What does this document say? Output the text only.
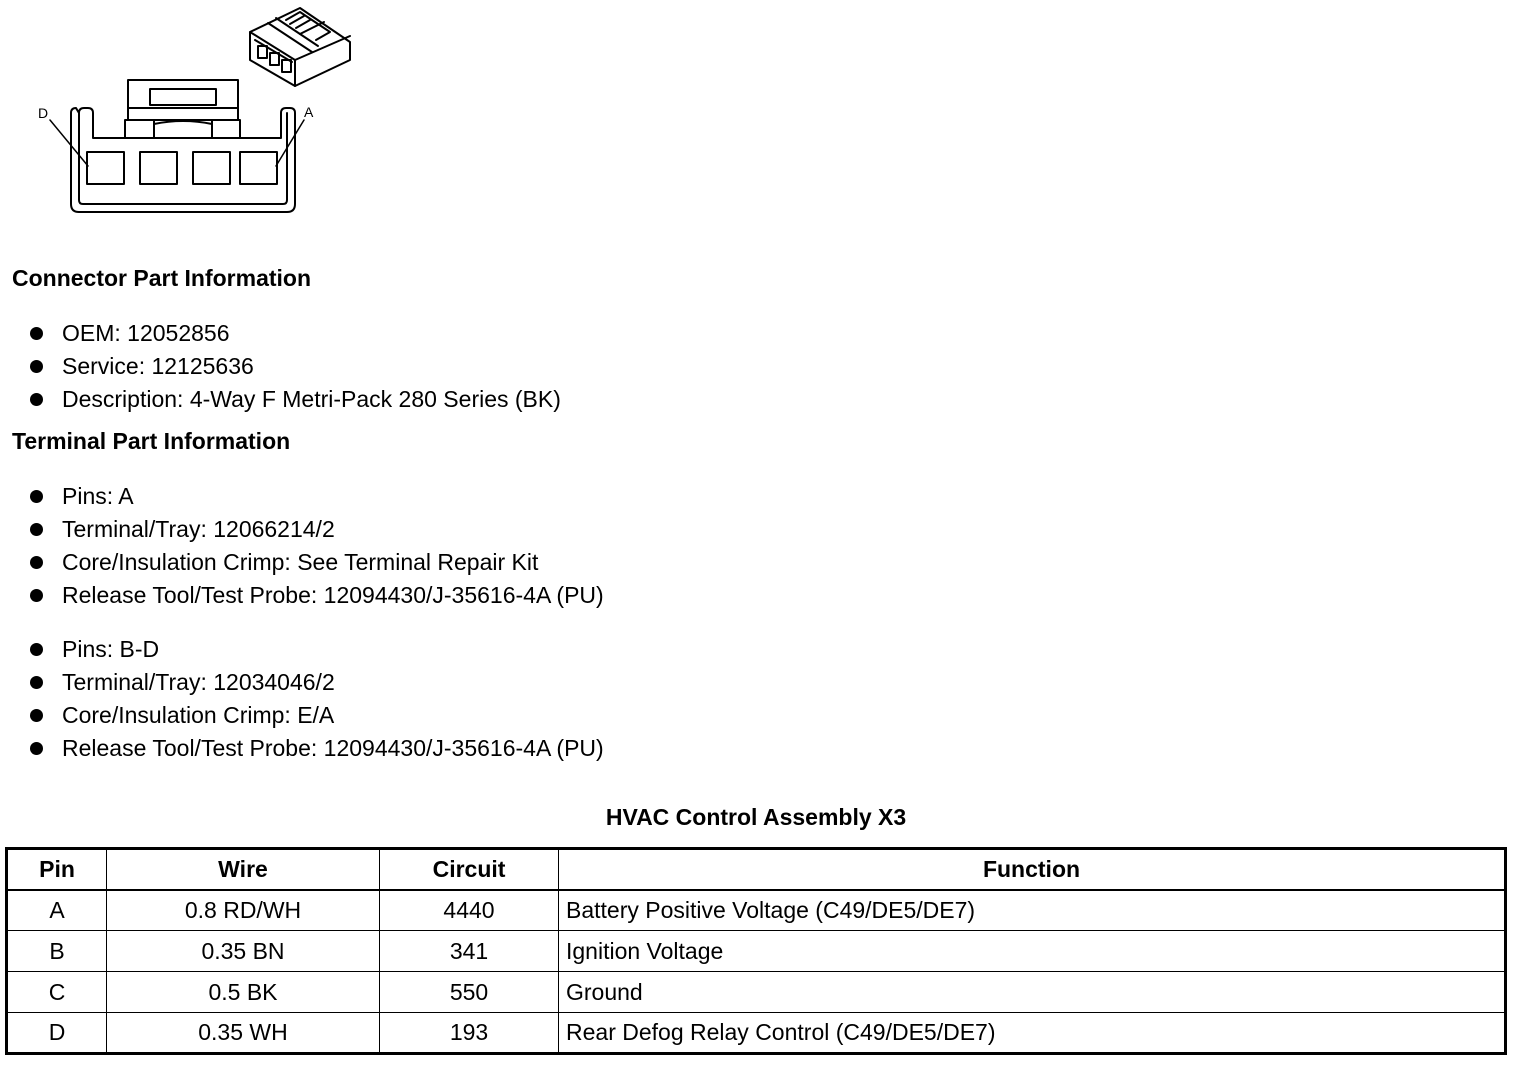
D	A
Connector Part Information
OEM: 12052856
Service: 12125636
Description: 4-Way F Metri-Pack 280 Series (BK)
Terminal Part Information
Pins: A
Terminal/Tray: 12066214/2
Core/Insulation Crimp: See Terminal Repair Kit
Release Tool/Test Probe: 12094430/J-35616-4A (PU)
Pins: B-D
Terminal/Tray: 12034046/2
Core/Insulation Crimp: E/A
Release Tool/Test Probe: 12094430/J-35616-4A (PU)
HVAC Control Assembly X3
Pin	Wire	Circuit	Function
A	0.8 RD/WH	4440	Battery Positive Voltage (C49/DE5/DE7)
B	0.35 BN	341	Ignition Voltage
C	0.5 BK	550	Ground
D	0.35 WH	193	Rear Defog Relay Control (C49/DE5/DE7)
